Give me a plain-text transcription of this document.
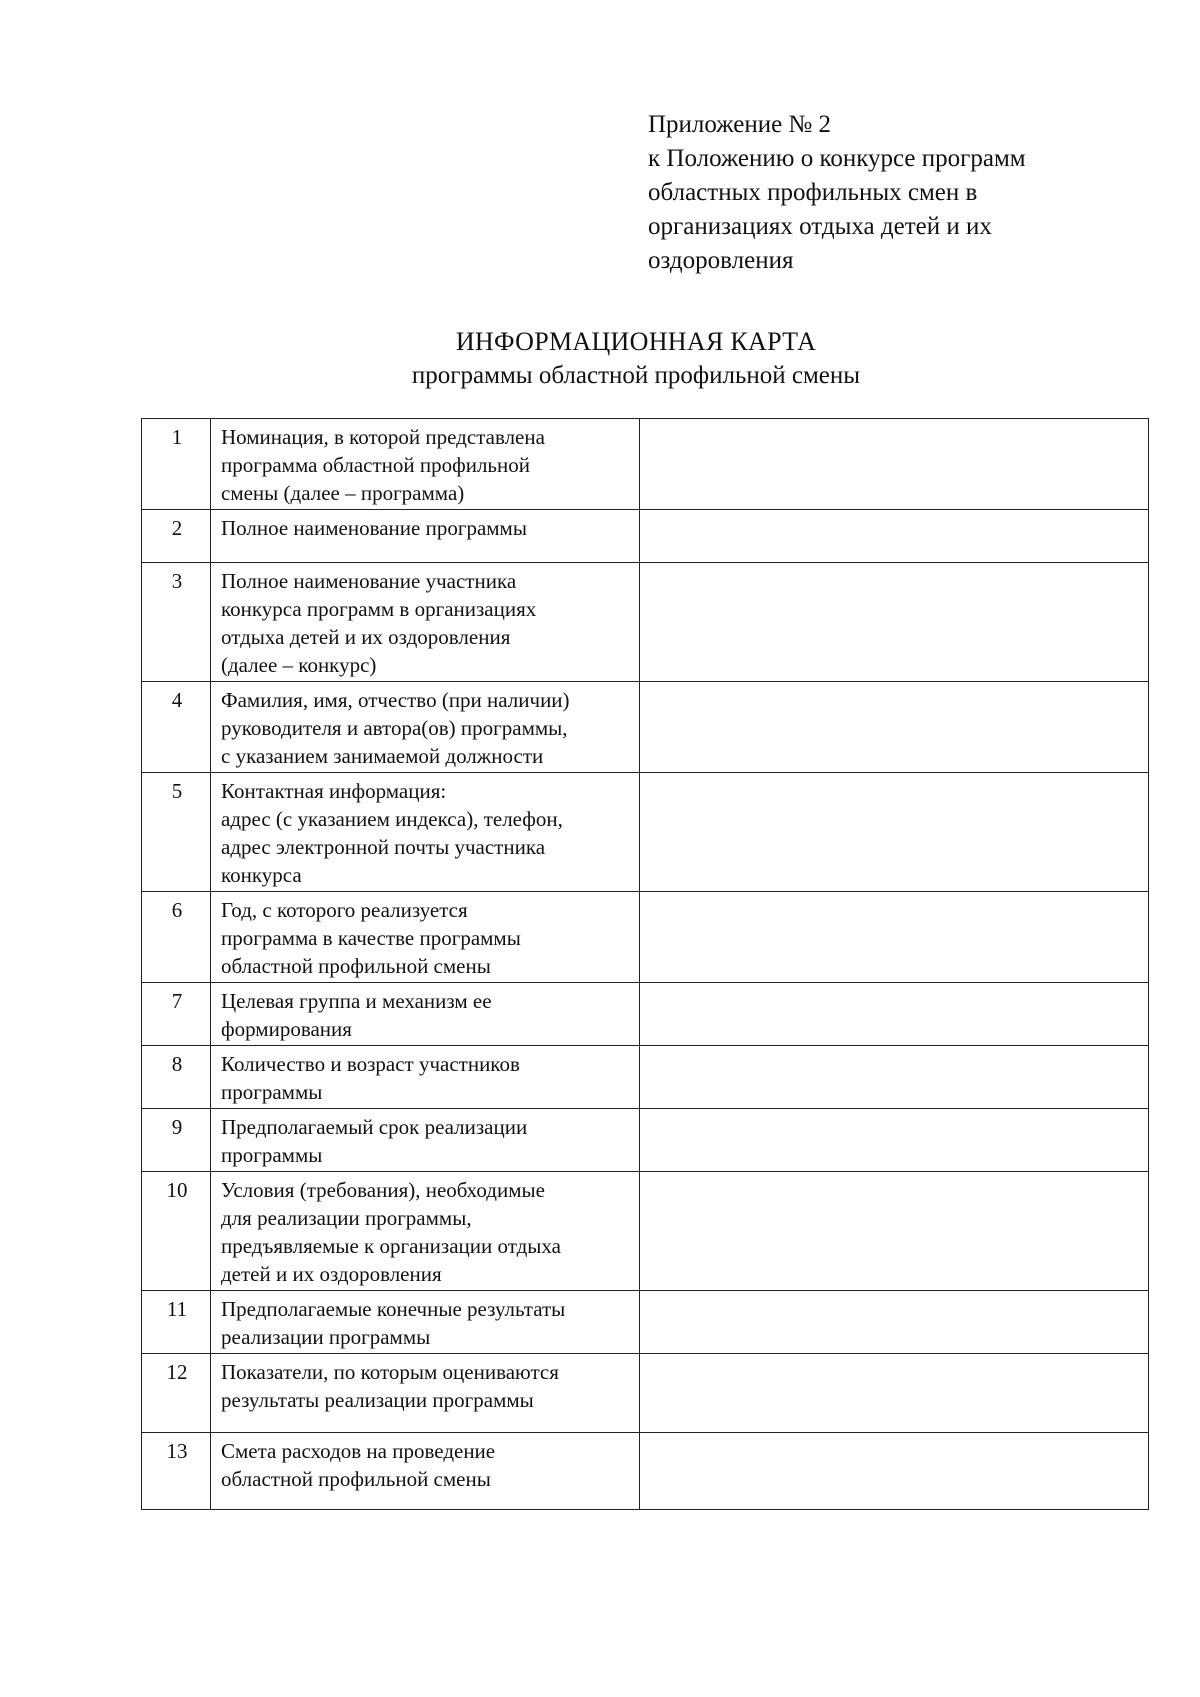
Приложение № 2
к Положению о конкурсе программ
областных профильных смен в
организациях отдыха детей и их
оздоровления
ИНФОРМАЦИОННАЯ КАРТА
программы областной профильной смены
1	Номинация, в которой представлена
программа областной профильной
смены (далее – программа)	

2	Полное наименование программы	

3	Полное наименование участника
конкурса программ в организациях
отдыха детей и их оздоровления
(далее – конкурс)	

4	Фамилия, имя, отчество (при наличии)
руководителя и автора(ов) программы,
с указанием занимаемой должности	

5	Контактная информация:
адрес (с указанием индекса), телефон,
адрес электронной почты участника
конкурса	

6	Год, с которого реализуется
программа в качестве программы
областной профильной смены	

7	Целевая группа и механизм ее
формирования	

8	Количество и возраст участников
программы	

9	Предполагаемый срок реализации
программы	

10	Условия (требования), необходимые
для реализации программы,
предъявляемые к организации отдыха
детей и их оздоровления	

11	Предполагаемые конечные результаты
реализации программы	

12	Показатели, по которым оцениваются
результаты реализации программы	

13	Смета расходов на проведение
областной профильной смены	
